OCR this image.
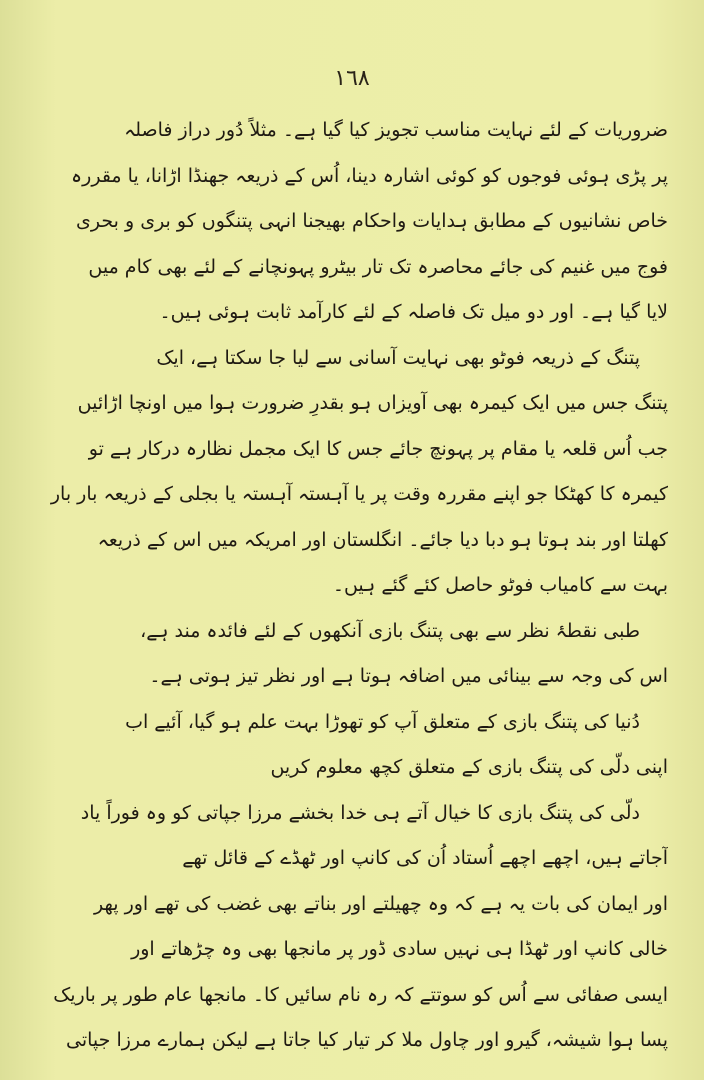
١٦٨
ضروریات کے لئے نہایت مناسب تجویز کیا گیا ہے۔ مثلاً دُور دراز فاصلہ
پر پڑی ہوئی فوجوں کو کوئی اشارہ دینا، اُس کے ذریعہ جھنڈا اڑانا، یا مقررہ
خاص نشانیوں کے مطابق ہدایات واحکام بھیجنا انہی پتنگوں کو بری و بحری
فوج میں غنیم کی جائے محاصرہ تک تار بیٹرو پہونچانے کے لئے بھی کام میں
لایا گیا ہے۔ اور دو میل تک فاصلہ کے لئے کارآمد ثابت ہوئی ہیں۔
پتنگ کے ذریعہ فوٹو بھی نہایت آسانی سے لیا جا سکتا ہے، ایک
پتنگ جس میں ایک کیمرہ بھی آویزاں ہو بقدرِ ضرورت ہوا میں اونچا اڑائیں
جب اُس قلعہ یا مقام پر پہونچ جائے جس کا ایک مجمل نظارہ درکار ہے تو
کیمرہ کا کھٹکا جو اپنے مقررہ وقت پر یا آہستہ آہستہ یا بجلی کے ذریعہ بار بار
کھلتا اور بند ہوتا ہو دبا دیا جائے۔ انگلستان اور امریکہ میں اس کے ذریعہ
بہت سے کامیاب فوٹو حاصل کئے گئے ہیں۔
طبی نقطۂ نظر سے بھی پتنگ بازی آنکھوں کے لئے فائدہ مند ہے،
اس کی وجہ سے بینائی میں اضافہ ہوتا ہے اور نظر تیز ہوتی ہے۔
دُنیا کی پتنگ بازی کے متعلق آپ کو تھوڑا بہت علم ہو گیا، آئیے اب
اپنی دلّی کی پتنگ بازی کے متعلق کچھ معلوم کریں
دلّی کی پتنگ بازی کا خیال آتے ہی خدا بخشے مرزا جپاتی کو وہ فوراً یاد
آجاتے ہیں، اچھے اچھے اُستاد اُن کی کانپ اور ٹھڈے کے قائل تھے
اور ایمان کی بات یہ ہے کہ وہ چھیلتے اور بناتے بھی غضب کی تھے اور پھر
خالی کانپ اور ٹھڈا ہی نہیں سادی ڈور پر مانجھا بھی وہ چڑھاتے اور
ایسی صفائی سے اُس کو سوتتے کہ رہ نام سائیں کا۔ مانجھا عام طور پر باریک
پسا ہوا شیشہ، گیرو اور چاول ملا کر تیار کیا جاتا ہے لیکن ہمارے مرزا جپاتی
